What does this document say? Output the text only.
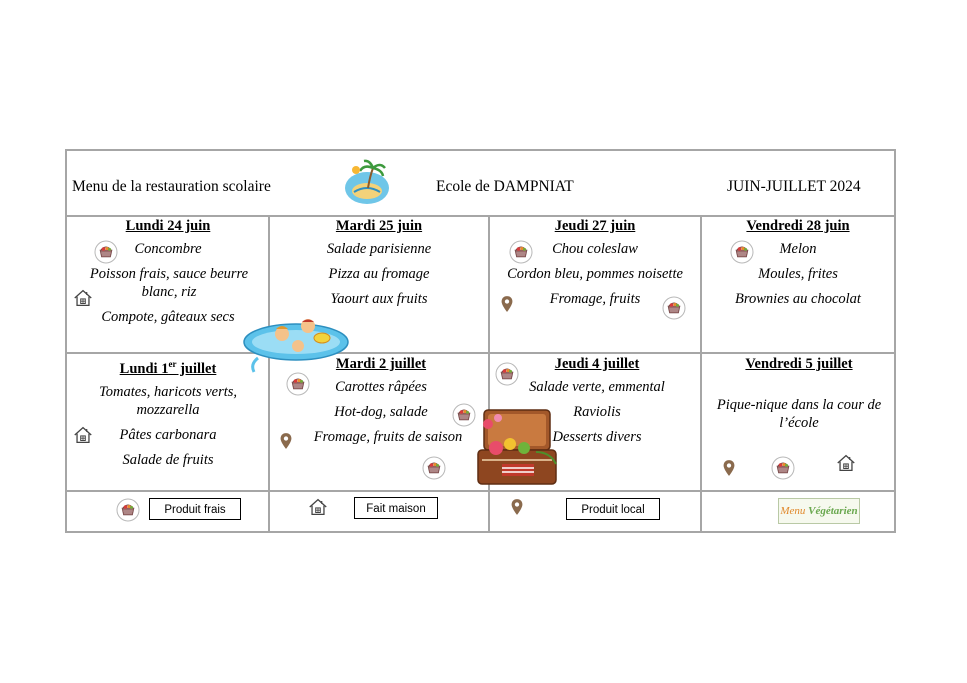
Menu de la restauration scolaire	Ecole de DAMPNIAT	JUIN-JUILLET 2024
Lundi 24 juin
Concombre
Poisson frais, sauce beurre blanc, riz
Compote, gâteaux secs
Mardi 25 juin
Salade parisienne
Pizza au fromage
Yaourt aux fruits
Jeudi 27 juin
Chou coleslaw
Cordon bleu, pommes noisette
Fromage, fruits
Vendredi 28 juin
Melon
Moules, frites
Brownies au chocolat
Lundi 1er juillet
Tomates, haricots verts, mozzarella
Pâtes carbonara
Salade de fruits
Mardi 2 juillet
Carottes râpées
Hot-dog, salade
Fromage, fruits de saison
Jeudi 4 juillet
Salade verte, emmental
Raviolis
Desserts divers
Vendredi 5 juillet
Pique-nique dans la cour de l’école
Produit frais	Fait maison	Produit local	Menu Végétarien
